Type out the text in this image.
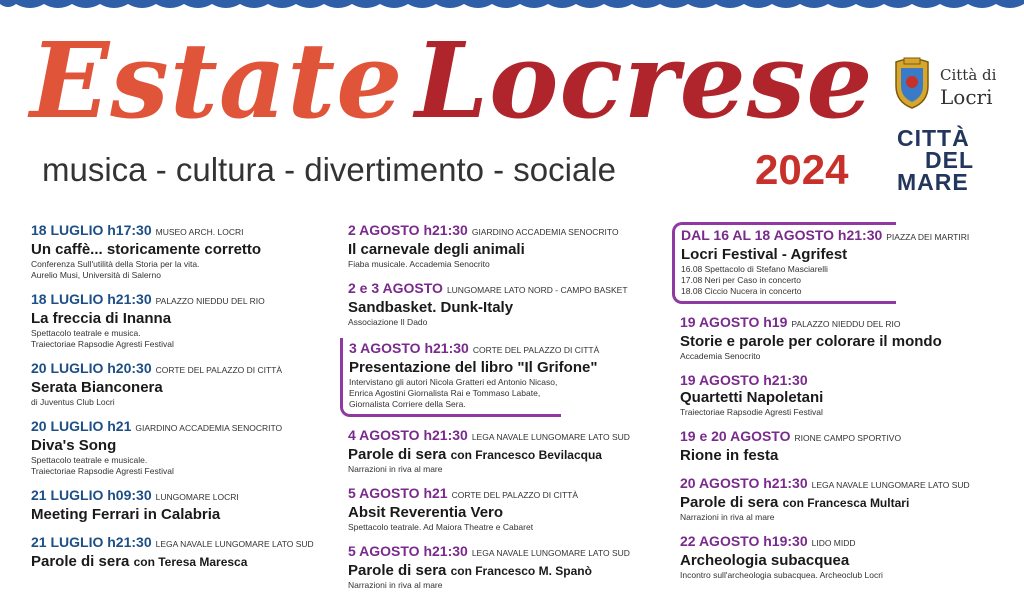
Estate Locrese
musica - cultura - divertimento - sociale	2024
Città di
Locri
CITTÀ
DEL
MARE
18 LUGLIO h17:30 MUSEO ARCH. LOCRI
Un caffè... storicamente corretto
Conferenza Sull'utilità della Storia per la vita.
Aurelio Musi, Università di Salerno
18 LUGLIO h21:30 PALAZZO NIEDDU DEL RIO
La freccia di Inanna
Spettacolo teatrale e musica.
Traiectoriae Rapsodie Agresti Festival
20 LUGLIO h20:30 CORTE DEL PALAZZO DI CITTÀ
Serata Bianconera
di Juventus Club Locri
20 LUGLIO h21 GIARDINO ACCADEMIA SENOCRITO
Diva's Song
Spettacolo teatrale e musicale.
Traiectoriae Rapsodie Agresti Festival
21 LUGLIO h09:30 LUNGOMARE LOCRI
Meeting Ferrari in Calabria
21 LUGLIO h21:30 LEGA NAVALE LUNGOMARE LATO SUD
Parole di sera con Teresa Maresca
2 AGOSTO h21:30 GIARDINO ACCADEMIA SENOCRITO
Il carnevale degli animali
Fiaba musicale. Accademia Senocrito
2 e 3 AGOSTO LUNGOMARE LATO NORD - CAMPO BASKET
Sandbasket. Dunk-Italy
Associazione Il Dado
3 AGOSTO h21:30 CORTE DEL PALAZZO DI CITTÀ
Presentazione del libro "Il Grifone"
Intervistano gli autori Nicola Gratteri ed Antonio Nicaso,
Enrica Agostini Giornalista Rai e Tommaso Labate,
Giornalista Corriere della Sera.
4 AGOSTO h21:30 LEGA NAVALE LUNGOMARE LATO SUD
Parole di sera con Francesco Bevilacqua
Narrazioni in riva al mare
5 AGOSTO h21 CORTE DEL PALAZZO DI CITTÀ
Absit Reverentia Vero
Spettacolo teatrale. Ad Maiora Theatre e Cabaret
5 AGOSTO h21:30 LEGA NAVALE LUNGOMARE LATO SUD
Parole di sera con Francesco M. Spanò
Narrazioni in riva al mare
DAL 16 AL 18 AGOSTO h21:30 PIAZZA DEI MARTIRI
Locri Festival - Agrifest
16.08 Spettacolo di Stefano Masciarelli
17.08 Neri per Caso in concerto
18.08 Ciccio Nucera in concerto
19 AGOSTO h19 PALAZZO NIEDDU DEL RIO
Storie e parole per colorare il mondo
Accademia Senocrito
19 AGOSTO h21:30
Quartetti Napoletani
Traiectoriae Rapsodie Agresti Festival
19 e 20 AGOSTO RIONE CAMPO SPORTIVO
Rione in festa
20 AGOSTO h21:30 LEGA NAVALE LUNGOMARE LATO SUD
Parole di sera con Francesca Multari
Narrazioni in riva al mare
22 AGOSTO h19:30 LIDO MIDD
Archeologia subacquea
Incontro sull'archeologia subacquea. Archeoclub Locri
